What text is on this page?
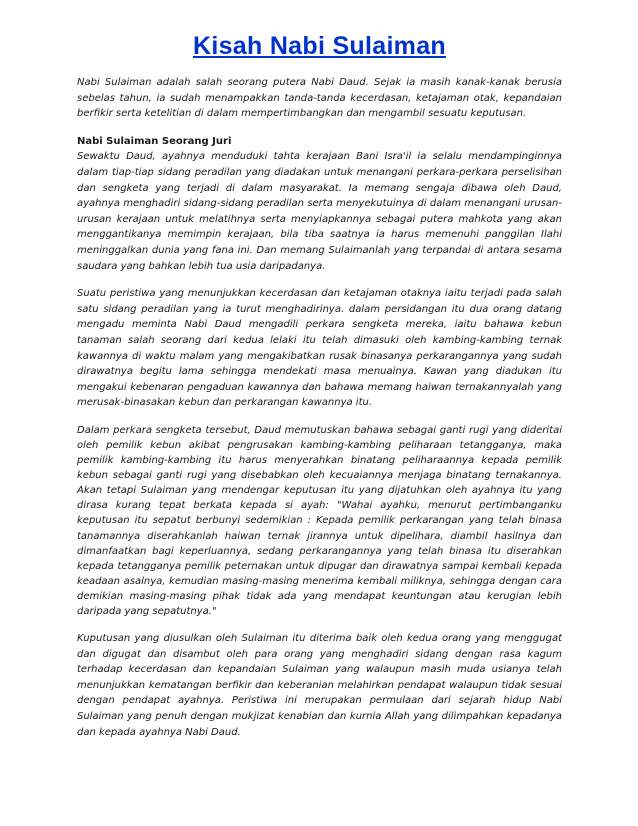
Kisah Nabi Sulaiman

Nabi Sulaiman adalah salah seorang putera Nabi Daud. Sejak ia masih kanak-kanak berusia sebelas tahun, ia sudah menampakkan tanda-tanda kecerdasan, ketajaman otak, kepandaian berfikir serta ketelitian di dalam mempertimbangkan dan mengambil sesuatu keputusan.

Nabi Sulaiman Seorang Juri

Sewaktu Daud, ayahnya menduduki tahta kerajaan Bani Isra'il ia selalu mendampinginnya dalam tiap-tiap sidang peradilan yang diadakan untuk menangani perkara-perkara perselisihan dan sengketa yang terjadi di dalam masyarakat. Ia memang sengaja dibawa oleh Daud, ayahnya menghadiri sidang-sidang peradilan serta menyekutuinya di dalam menangani urusan-urusan kerajaan untuk melatihnya serta menyiapkannya sebagai putera mahkota yang akan menggantikanya memimpin kerajaan, bila tiba saatnya ia harus memenuhi panggilan Ilahi meninggalkan dunia yang fana ini. Dan memang Sulaimanlah yang terpandai di antara sesama saudara yang bahkan lebih tua usia daripadanya.

Suatu peristiwa yang menunjukkan kecerdasan dan ketajaman otaknya iaitu terjadi pada salah satu sidang peradilan yang ia turut menghadirinya. dalam persidangan itu dua orang datang mengadu meminta Nabi Daud mengadili perkara sengketa mereka, iaitu bahawa kebun tanaman salah seorang dari kedua lelaki itu telah dimasuki oleh kambing-kambing ternak kawannya di waktu malam yang mengakibatkan rusak binasanya perkarangannya yang sudah dirawatnya begitu lama sehingga mendekati masa menuainya. Kawan yang diadukan itu mengakui kebenaran pengaduan kawannya dan bahawa memang haiwan ternakannyalah yang merusak-binasakan kebun dan perkarangan kawannya itu.

Dalam perkara sengketa tersebut, Daud memutuskan bahawa sebagai ganti rugi yang dideritai oleh pemilik kebun akibat pengrusakan kambing-kambing peliharaan tetangganya, maka pemilik kambing-kambing itu harus menyerahkan binatang peliharaannya kepada pemilik kebun sebagai ganti rugi yang disebabkan oleh kecuaiannya menjaga binatang ternakannya. Akan tetapi Sulaiman yang mendengar keputusan itu yang dijatuhkan oleh ayahnya itu yang dirasa kurang tepat berkata kepada si ayah: "Wahai ayahku, menurut pertimbanganku keputusan itu sepatut berbunyi sedemikian : Kepada pemilik perkarangan yang telah binasa tanamannya diserahkanlah haiwan ternak jirannya untuk dipelihara, diambil hasilnya dan dimanfaatkan bagi keperluannya, sedang perkarangannya yang telah binasa itu diserahkan kepada tetangganya pemilik peternakan untuk dipugar dan dirawatnya sampai kembali kepada keadaan asalnya, kemudian masing-masing menerima kembali miliknya, sehingga dengan cara demikian masing-masing pihak tidak ada yang mendapat keuntungan atau kerugian lebih daripada yang sepatutnya."

Kuputusan yang diusulkan oleh Sulaiman itu diterima baik oleh kedua orang yang menggugat dan digugat dan disambut oleh para orang yang menghadiri sidang dengan rasa kagum terhadap kecerdasan dan kepandaian Sulaiman yang walaupun masih muda usianya telah menunjukkan kematangan berfikir dan keberanian melahirkan pendapat walaupun tidak sesuai dengan pendapat ayahnya. Peristiwa ini merupakan permulaan dari sejarah hidup Nabi Sulaiman yang penuh dengan mukjizat kenabian dan kurnia Allah yang dilimpahkan kepadanya dan kepada ayahnya Nabi Daud.
